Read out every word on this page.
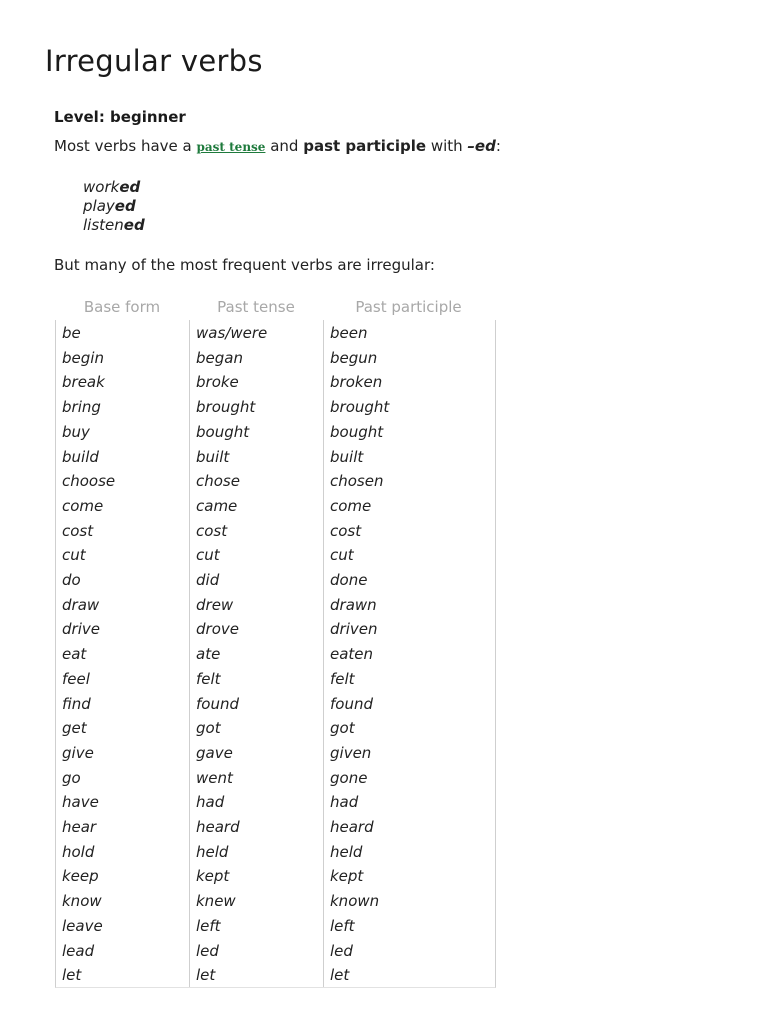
Irregular verbs
Level: beginner
Most verbs have a past tense and past participle with –ed:
worked
played
listened
But many of the most frequent verbs are irregular:
Base form	Past tense	Past participle
be	was/were	been
begin	began	begun
break	broke	broken
bring	brought	brought
buy	bought	bought
build	built	built
choose	chose	chosen
come	came	come
cost	cost	cost
cut	cut	cut
do	did	done
draw	drew	drawn
drive	drove	driven
eat	ate	eaten
feel	felt	felt
find	found	found
get	got	got
give	gave	given
go	went	gone
have	had	had
hear	heard	heard
hold	held	held
keep	kept	kept
know	knew	known
leave	left	left
lead	led	led
let	let	let
